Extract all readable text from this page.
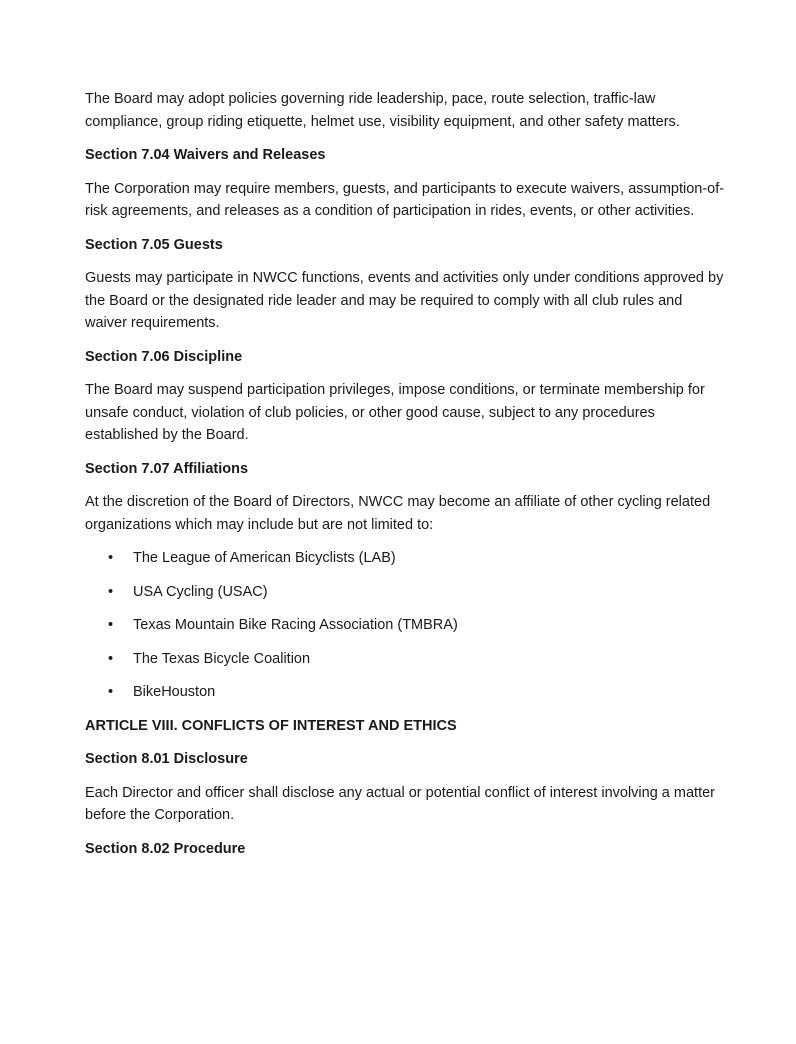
The Board may adopt policies governing ride leadership, pace, route selection, traffic-law compliance, group riding etiquette, helmet use, visibility equipment, and other safety matters.

Section 7.04 Waivers and Releases

The Corporation may require members, guests, and participants to execute waivers, assumption-of-risk agreements, and releases as a condition of participation in rides, events, or other activities.

Section 7.05 Guests

Guests may participate in NWCC functions, events and activities only under conditions approved by the Board or the designated ride leader and may be required to comply with all club rules and waiver requirements.

Section 7.06 Discipline

The Board may suspend participation privileges, impose conditions, or terminate membership for unsafe conduct, violation of club policies, or other good cause, subject to any procedures established by the Board.

Section 7.07 Affiliations

At the discretion of the Board of Directors, NWCC may become an affiliate of other cycling related organizations which may include but are not limited to:

• The League of American Bicyclists (LAB)
• USA Cycling (USAC)
• Texas Mountain Bike Racing Association (TMBRA)
• The Texas Bicycle Coalition
• BikeHouston

ARTICLE VIII. CONFLICTS OF INTEREST AND ETHICS

Section 8.01 Disclosure

Each Director and officer shall disclose any actual or potential conflict of interest involving a matter before the Corporation.

Section 8.02 Procedure
